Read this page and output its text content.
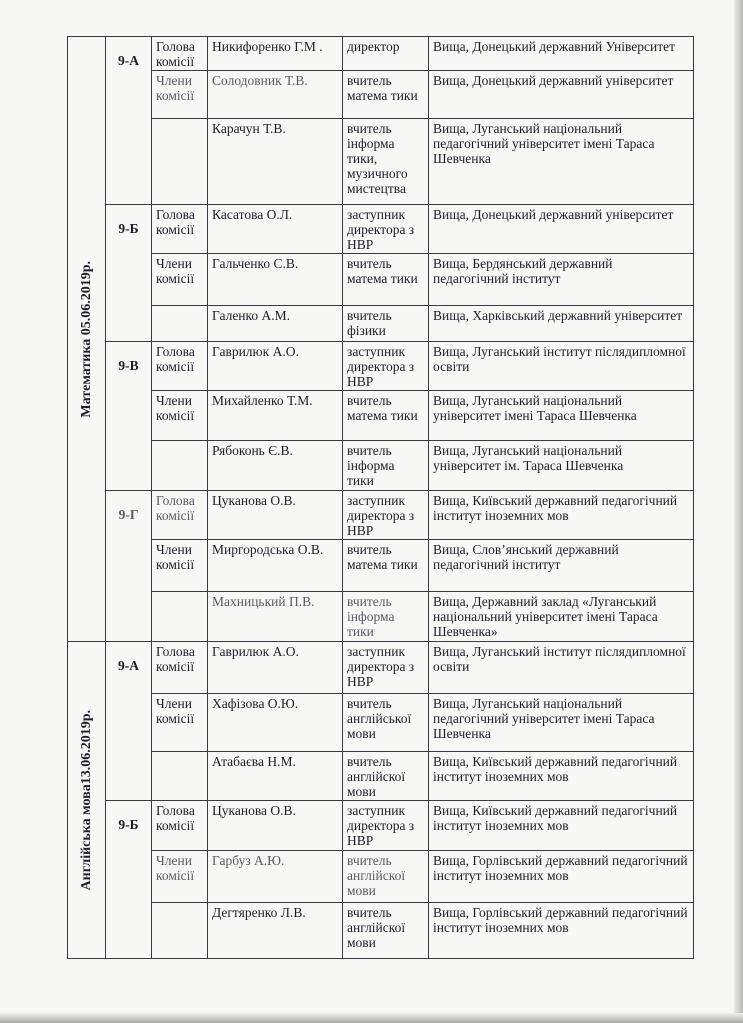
Математика 05.06.2019р.	9-А	Голова комісії	Никифоренко Г.М .	директор	Вища, Донецький державний Університет
		Члени комісії	Солодовник Т.В.	вчитель матема тики	Вища, Донецький державний університет
			Карачун Т.В.	вчитель інформа тики, музичного мистецтва	Вища, Луганський національний педагогічний університет імені Тараса Шевченка
	9-Б	Голова комісії	Касатова О.Л.	заступник директора з НВР	Вища, Донецький державний університет
		Члени комісії	Гальченко С.В.	вчитель матема тики	Вища, Бердянський державний педагогічний інститут
			Галенко А.М.	вчитель фізики	Вища, Харківський державний університет
	9-В	Голова комісії	Гаврилюк А.О.	заступник директора з НВР	Вища, Луганський інститут післядипломної освіти
		Члени комісії	Михайленко Т.М.	вчитель матема тики	Вища, Луганський національний університет імені Тараса Шевченка
			Рябоконь Є.В.	вчитель інформа тики	Вища, Луганський національний університет ім. Тараса Шевченка
	9-Г	Голова комісії	Цуканова О.В.	заступник директора з НВР	Вища, Київський державний педагогічний інститут іноземних мов
		Члени комісії	Миргородська О.В.	вчитель матема тики	Вища, Слов’янський державний педагогічний інститут
			Махницький П.В.	вчитель інформа тики	Вища, Державний заклад «Луганський національний університет імені Тараса Шевченка»

Англійська мова13.06.2019р.	9-А	Голова комісії	Гаврилюк А.О.	заступник директора з НВР	Вища, Луганський інститут післядипломної освіти
		Члени комісії	Хафізова О.Ю.	вчитель англійської мови	Вища, Луганський національний педагогічний університет імені Тараса Шевченка
			Атабаєва Н.М.	вчитель англійскої мови	Вища, Київський державний педагогічний інститут іноземних мов
	9-Б	Голова комісії	Цуканова О.В.	заступник директора з НВР	Вища, Київський державний педагогічний інститут іноземних мов
		Члени комісії	Гарбуз А.Ю.	вчитель англійскої мови	Вища, Горлівський державний педагогічний інститут іноземних мов
			Дегтяренко Л.В.	вчитель англійскої мови	Вища, Горлівський державний педагогічний інститут іноземних мов
